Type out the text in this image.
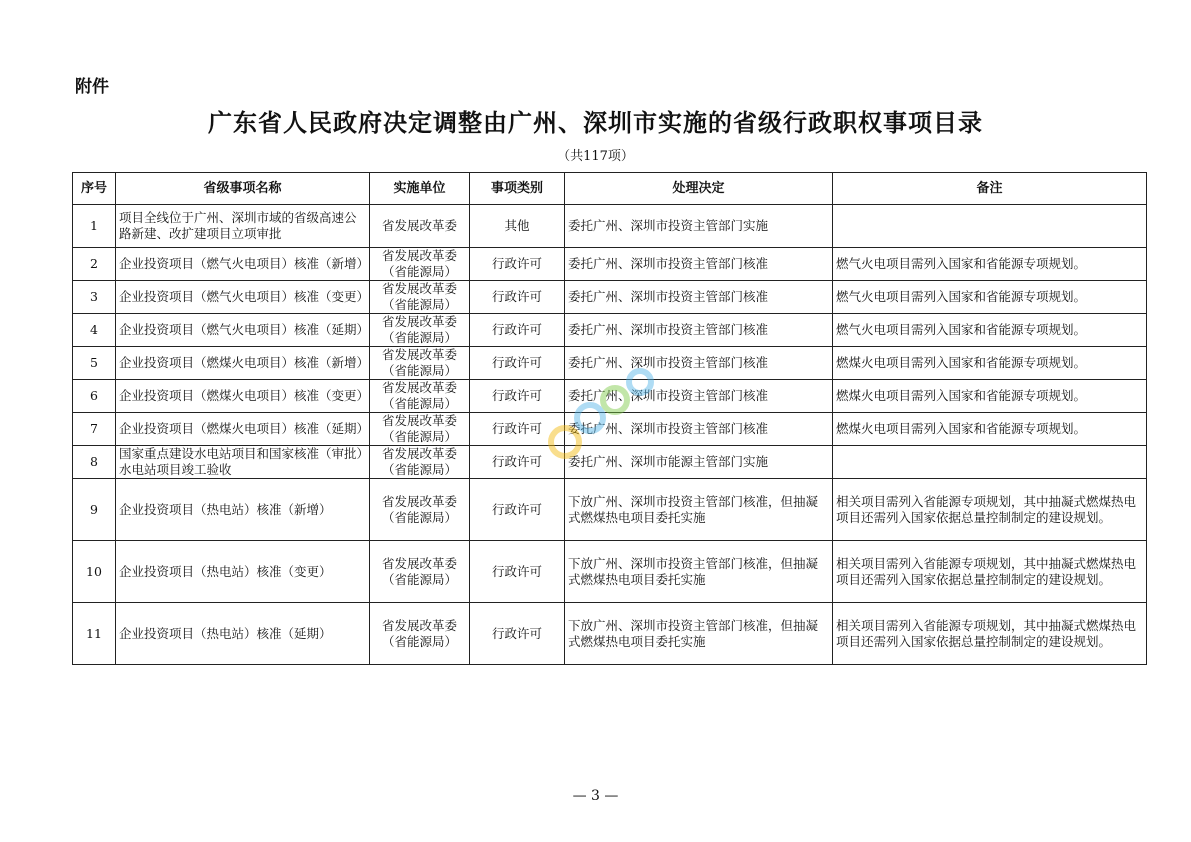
附件
广东省人民政府决定调整由广州、深圳市实施的省级行政职权事项目录
（共117项）
序号	省级事项名称	实施单位	事项类别	处理决定	备注
1	项目全线位于广州、深圳市域的省级高速公路新建、改扩建项目立项审批	省发展改革委	其他	委托广州、深圳市投资主管部门实施	
2	企业投资项目（燃气火电项目）核准（新增）	省发展改革委（省能源局）	行政许可	委托广州、深圳市投资主管部门核准	燃气火电项目需列入国家和省能源专项规划。
3	企业投资项目（燃气火电项目）核准（变更）	省发展改革委（省能源局）	行政许可	委托广州、深圳市投资主管部门核准	燃气火电项目需列入国家和省能源专项规划。
4	企业投资项目（燃气火电项目）核准（延期）	省发展改革委（省能源局）	行政许可	委托广州、深圳市投资主管部门核准	燃气火电项目需列入国家和省能源专项规划。
5	企业投资项目（燃煤火电项目）核准（新增）	省发展改革委（省能源局）	行政许可	委托广州、深圳市投资主管部门核准	燃煤火电项目需列入国家和省能源专项规划。
6	企业投资项目（燃煤火电项目）核准（变更）	省发展改革委（省能源局）	行政许可	委托广州、深圳市投资主管部门核准	燃煤火电项目需列入国家和省能源专项规划。
7	企业投资项目（燃煤火电项目）核准（延期）	省发展改革委（省能源局）	行政许可	委托广州、深圳市投资主管部门核准	燃煤火电项目需列入国家和省能源专项规划。
8	国家重点建设水电站项目和国家核准（审批）水电站项目竣工验收	省发展改革委（省能源局）	行政许可	委托广州、深圳市能源主管部门实施	
9	企业投资项目（热电站）核准（新增）	省发展改革委（省能源局）	行政许可	下放广州、深圳市投资主管部门核准，但抽凝式燃煤热电项目委托实施	相关项目需列入省能源专项规划，其中抽凝式燃煤热电项目还需列入国家依据总量控制制定的建设规划。
10	企业投资项目（热电站）核准（变更）	省发展改革委（省能源局）	行政许可	下放广州、深圳市投资主管部门核准，但抽凝式燃煤热电项目委托实施	相关项目需列入省能源专项规划，其中抽凝式燃煤热电项目还需列入国家依据总量控制制定的建设规划。
11	企业投资项目（热电站）核准（延期）	省发展改革委（省能源局）	行政许可	下放广州、深圳市投资主管部门核准，但抽凝式燃煤热电项目委托实施	相关项目需列入省能源专项规划，其中抽凝式燃煤热电项目还需列入国家依据总量控制制定的建设规划。
— 3 —
